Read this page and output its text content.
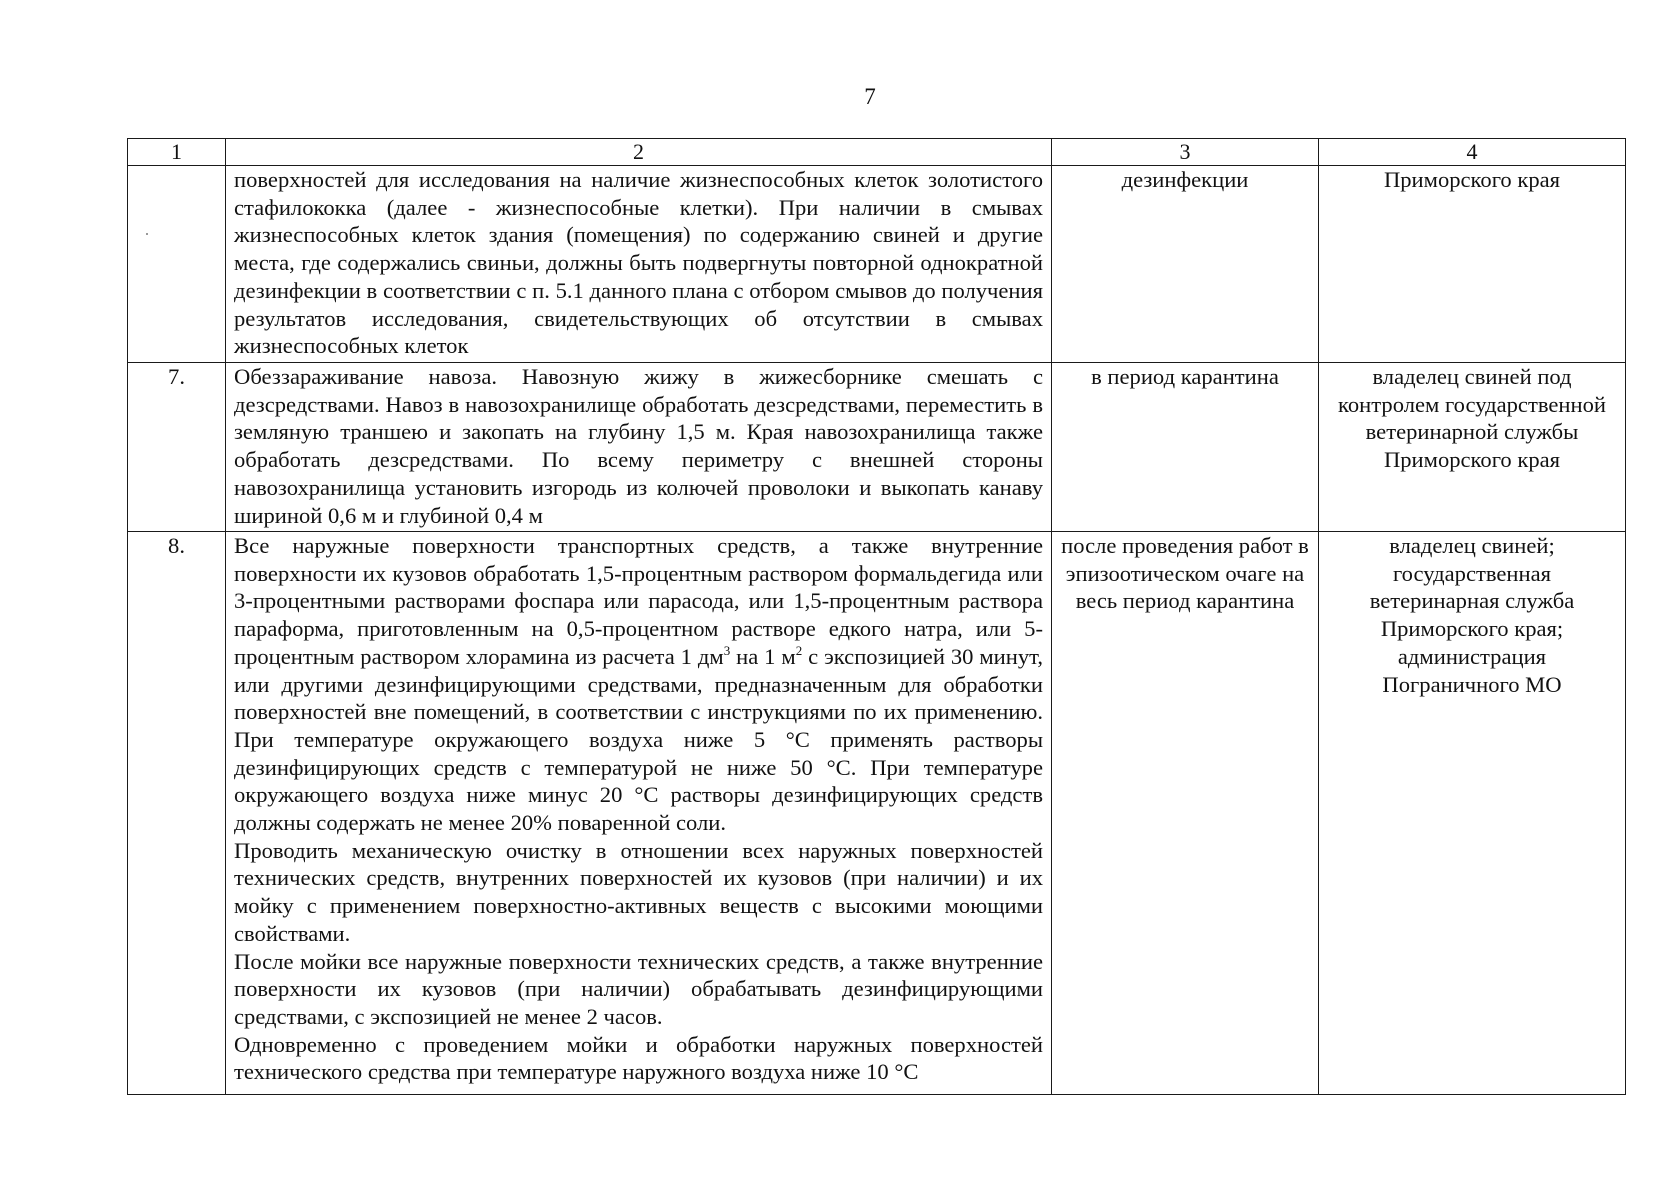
7
1	2	3	4
	поверхностей для исследования на наличие жизнеспособных клеток золотистого стафилококка (далее - жизнеспособные клетки). При наличии в смывах жизнеспособных клеток здания (помещения) по содержанию свиней и другие места, где содержались свиньи, должны быть подвергнуты повторной однократной дезинфекции в соответствии с п. 5.1 данного плана с отбором смывов до получения результатов исследования, свидетельствующих об отсутствии в смывах жизнеспособных клеток	дезинфекции	Приморского края
7.	Обеззараживание навоза. Навозную жижу в жижесборнике смешать с дезсредствами. Навоз в навозохранилище обработать дезсредствами, переместить в земляную траншею и закопать на глубину 1,5 м. Края навозохранилища также обработать дезсредствами. По всему периметру с внешней стороны навозохранилища установить изгородь из колючей проволоки и выкопать канаву шириной 0,6 м и глубиной 0,4 м	в период карантина	владелец свиней под контролем государственной ветеринарной службы Приморского края
8.	Все наружные поверхности транспортных средств, а также внутренние поверхности их кузовов обработать 1,5-процентным раствором формальдегида или 3-процентными растворами фоспара или парасода, или 1,5-процентным раствора параформа, приготовленным на 0,5-процентном растворе едкого натра, или 5-процентным раствором хлорамина из расчета 1 $дм^3$ на 1 $м^2$ с экспозицией 30 минут, или другими дезинфицирующими средствами, предназначенным для обработки поверхностей вне помещений, в соответствии с инструкциями по их применению. При температуре окружающего воздуха ниже 5 °С применять растворы дезинфицирующих средств с температурой не ниже 50 °С. При температуре окружающего воздуха ниже минус 20 °С растворы дезинфицирующих средств должны содержать не менее 20% поваренной соли.
Проводить механическую очистку в отношении всех наружных поверхностей технических средств, внутренних поверхностей их кузовов (при наличии) и их мойку с применением поверхностно-активных веществ с высокими моющими свойствами.
После мойки все наружные поверхности технических средств, а также внутренние поверхности их кузовов (при наличии) обрабатывать дезинфицирующими средствами, с экспозицией не менее 2 часов.
Одновременно с проведением мойки и обработки наружных поверхностей технического средства при температуре наружного воздуха ниже 10 °С	после проведения работ в эпизоотическом очаге на весь период карантина	владелец свиней; государственная ветеринарная служба Приморского края; администрация Пограничного МО
